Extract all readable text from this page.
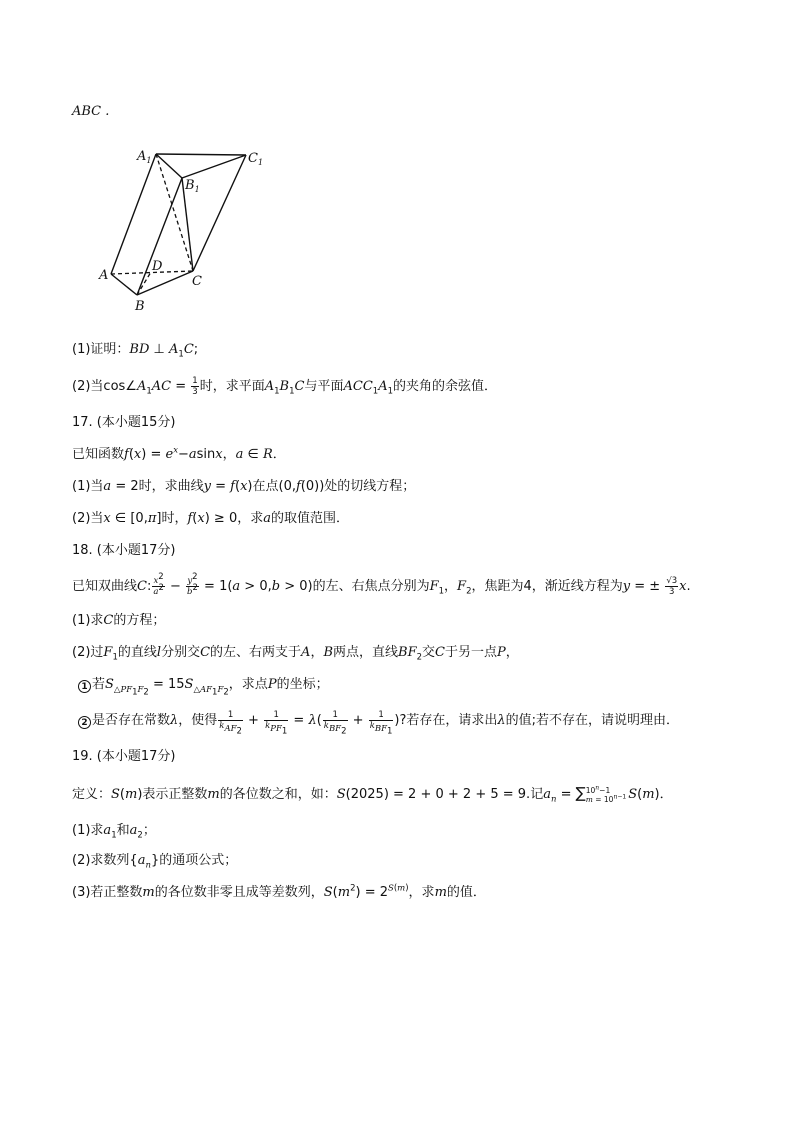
ABC .
$A_1$
$B_1$
$C_1$
A
B
C
D
(1)证明：BD ⊥ $A_1C$;
(2)当$\cos\angle A_1AC = \frac{1}{3}$ 时，求平面$A_1B_1C$与平面$ACC_1A_1$的夹角的余弦值．
17. (本小题15分)
已知函数$f(x) = e^x-asinx$，a ∈ R．
(1)当a = 2时，求曲线y = f(x)在点(0,f(0))处的切线方程；
(2)当x ∈ [0,π]时，f(x) ≥ 0，求a的取值范围．
18. (本小题17分)
已知双曲线C: $\frac{x^2}{a^2} - \frac{y^2}{b^2} = 1(a > 0,b > 0)$的左、右焦点分别为$F_1$，$F_2$，焦距为4，渐近线方程为y = ± $\frac{√3}{3} x$.
(1)求C的方程；
(2)过$F_1$的直线l分别交C的左、右两支于A，B两点，直线$BF_2$交C于另一点P，
1 若$S_{\triangle PF_1F_2} = 15S_{\triangle AF_1F_2}$，求点P的坐标；
2 是否存在常数λ，使得 $\frac{1}{k_{AF_2}} + \frac{1}{k_{PF_1}} = \lambda( \frac{1}{k_{BF_2}} + \frac{1}{k_{BF_1}}$ )?若存在，请求出λ的值;若不存在，请说明理由．
19. (本小题17分)
定义：S(m)表示正整数m的各位数之和，如：S(2025) = 2 + 0 + 2 + 5 = 9.记$a_n$ = ∑ $10^n-1$
$m = 10^{n-1}$ S(m)．
(1)求$a_1$和$a_2$；
(2)求数列$\{a_n\}$的通项公式；
(3)若正整数m的各位数非零且成等差数列，$S(m^2) = 2^{S(m)}$，求m的值．
